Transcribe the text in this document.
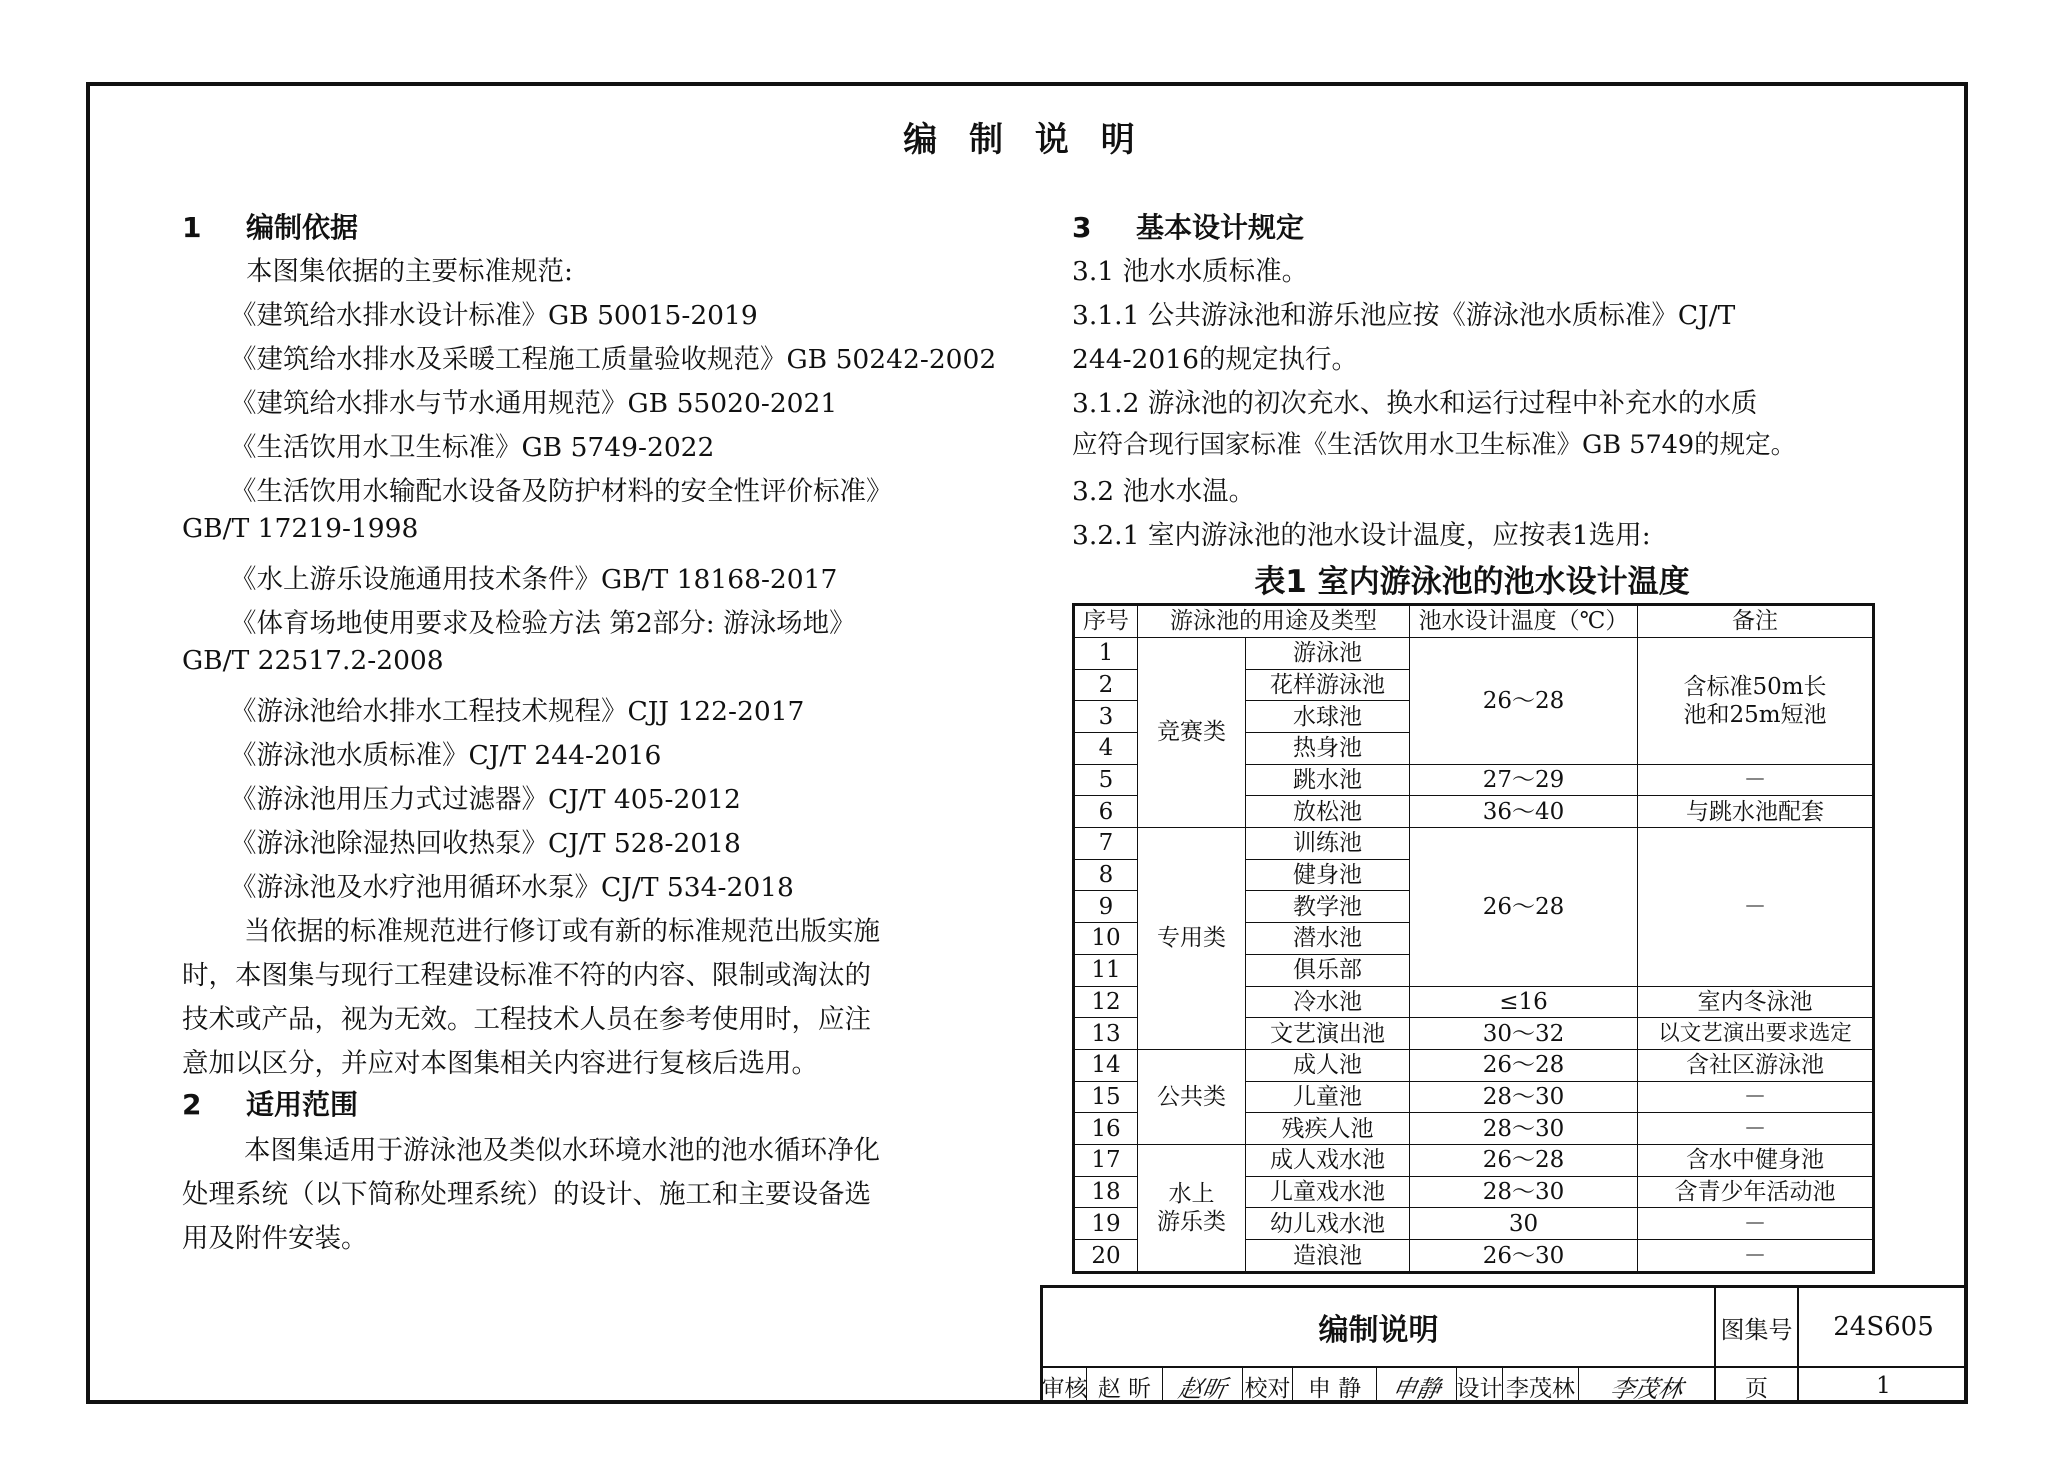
编 制 说 明
1 编制依据
本图集依据的主要标准规范:
《建筑给水排水设计标准》GB 50015-2019
《建筑给水排水及采暖工程施工质量验收规范》GB 50242-2002
《建筑给水排水与节水通用规范》GB 55020-2021
《生活饮用水卫生标准》GB 5749-2022
《生活饮用水输配水设备及防护材料的安全性评价标准》
GB/T 17219-1998
《水上游乐设施通用技术条件》GB/T 18168-2017
《体育场地使用要求及检验方法 第2部分: 游泳场地》
GB/T 22517.2-2008
《游泳池给水排水工程技术规程》CJJ 122-2017
《游泳池水质标准》CJ/T 244-2016
《游泳池用压力式过滤器》CJ/T 405-2012
《游泳池除湿热回收热泵》CJ/T 528-2018
《游泳池及水疗池用循环水泵》CJ/T 534-2018
当依据的标准规范进行修订或有新的标准规范出版实施
时，本图集与现行工程建设标准不符的内容、限制或淘汰的
技术或产品，视为无效。工程技术人员在参考使用时，应注
意加以区分，并应对本图集相关内容进行复核后选用。
2 适用范围
本图集适用于游泳池及类似水环境水池的池水循环净化
处理系统（以下简称处理系统）的设计、施工和主要设备选
用及附件安装。
3 基本设计规定
3.1 池水水质标准。
3.1.1 公共游泳池和游乐池应按《游泳池水质标准》CJ/T
244-2016的规定执行。
3.1.2 游泳池的初次充水、换水和运行过程中补充水的水质
应符合现行国家标准《生活饮用水卫生标准》GB 5749的规定。
3.2 池水水温。
3.2.1 室内游泳池的池水设计温度，应按表1选用:
表1 室内游泳池的池水设计温度
序号	游泳池的用途及类型		池水设计温度（℃）	备注
1	竞赛类	游泳池	26～28	含标准50m长
池和25m短池

2		花样游泳池		
3		水球池		
4		热身池		
5		跳水池	27～29	－
6		放松池	36～40	与跳水池配套
7	专用类	训练池	26～28	－
8		健身池		
9		教学池		
10		潜水池		
11		俱乐部		
12		冷水池	≤16	室内冬泳池
13		文艺演出池	30～32	以文艺演出要求选定
14	公共类	成人池	26～28	含社区游泳池
15		儿童池	28～30	－
16		残疾人池	28～30	－
17	水上
游乐类	成人戏水池	26～28	含水中健身池
18		儿童戏水池	28～30	含青少年活动池
19		幼儿戏水池	30	－
20		造浪池	26～30	－
编制说明	图集号	24S605
审核 赵 昕	赵昕 校对 申 静	申静 设计 李茂林 李茂林	页	1
